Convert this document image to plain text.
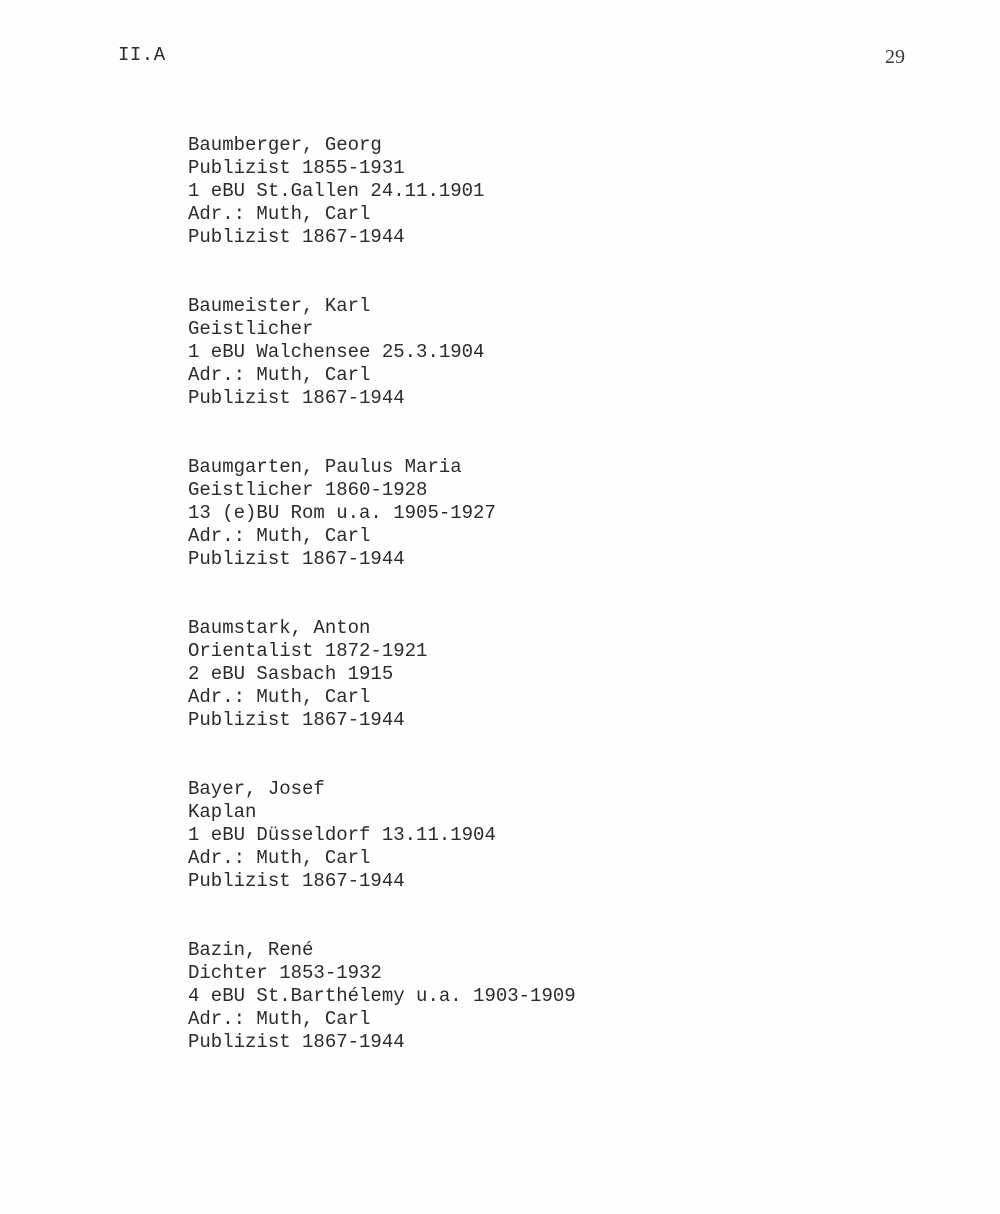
II.A	29
Baumberger, Georg
Publizist 1855-1931
1 eBU St.Gallen 24.11.1901
Adr.: Muth, Carl
Publizist 1867-1944
Baumeister, Karl
Geistlicher
1 eBU Walchensee 25.3.1904
Adr.: Muth, Carl
Publizist 1867-1944
Baumgarten, Paulus Maria
Geistlicher 1860-1928
13 (e)BU Rom u.a. 1905-1927
Adr.: Muth, Carl
Publizist 1867-1944
Baumstark, Anton
Orientalist 1872-1921
2 eBU Sasbach 1915
Adr.: Muth, Carl
Publizist 1867-1944
Bayer, Josef
Kaplan
1 eBU Düsseldorf 13.11.1904
Adr.: Muth, Carl
Publizist 1867-1944
Bazin, René
Dichter 1853-1932
4 eBU St.Barthélemy u.a. 1903-1909
Adr.: Muth, Carl
Publizist 1867-1944
